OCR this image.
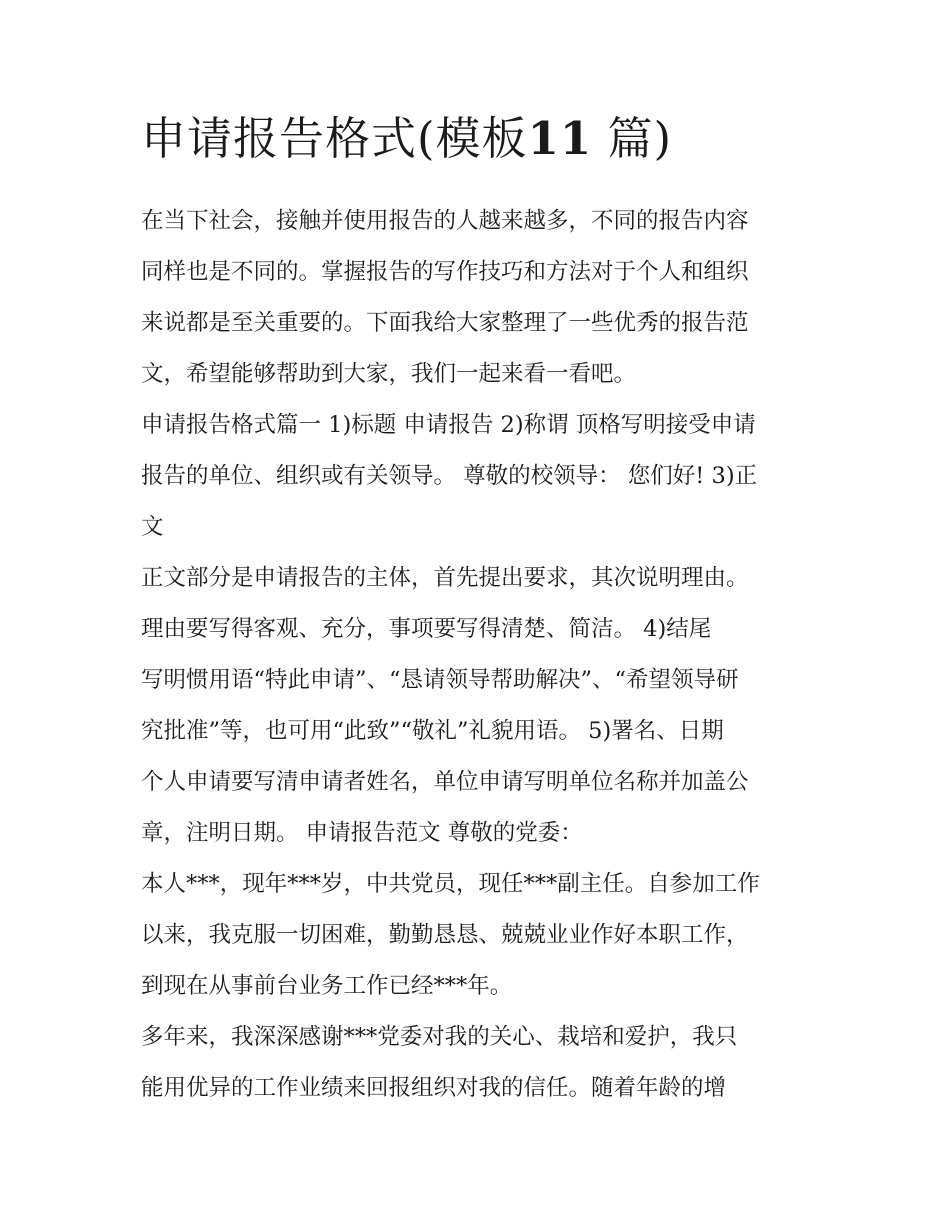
申请报告格式(模板11 篇)

在当下社会，接触并使用报告的人越来越多，不同的报告内容

同样也是不同的。掌握报告的写作技巧和方法对于个人和组织

来说都是至关重要的。下面我给大家整理了一些优秀的报告范

文，希望能够帮助到大家，我们一起来看一看吧。

申请报告格式篇一 1)标题 申请报告 2)称谓 顶格写明接受申请

报告的单位、组织或有关领导。 尊敬的校领导： 您们好! 3)正

文

正文部分是申请报告的主体，首先提出要求，其次说明理由。

理由要写得客观、充分，事项要写得清楚、简洁。 4)结尾

写明惯用语“特此申请”、“恳请领导帮助解决”、“希望领导研

究批准”等，也可用“此致”“敬礼”礼貌用语。 5)署名、日期

个人申请要写清申请者姓名，单位申请写明单位名称并加盖公

章，注明日期。 申请报告范文 尊敬的党委：

本人***，现年***岁，中共党员，现任***副主任。自参加工作

以来，我克服一切困难，勤勤恳恳、兢兢业业作好本职工作，

到现在从事前台业务工作已经***年。

多年来，我深深感谢***党委对我的关心、栽培和爱护，我只

能用优异的工作业绩来回报组织对我的信任。随着年龄的增
